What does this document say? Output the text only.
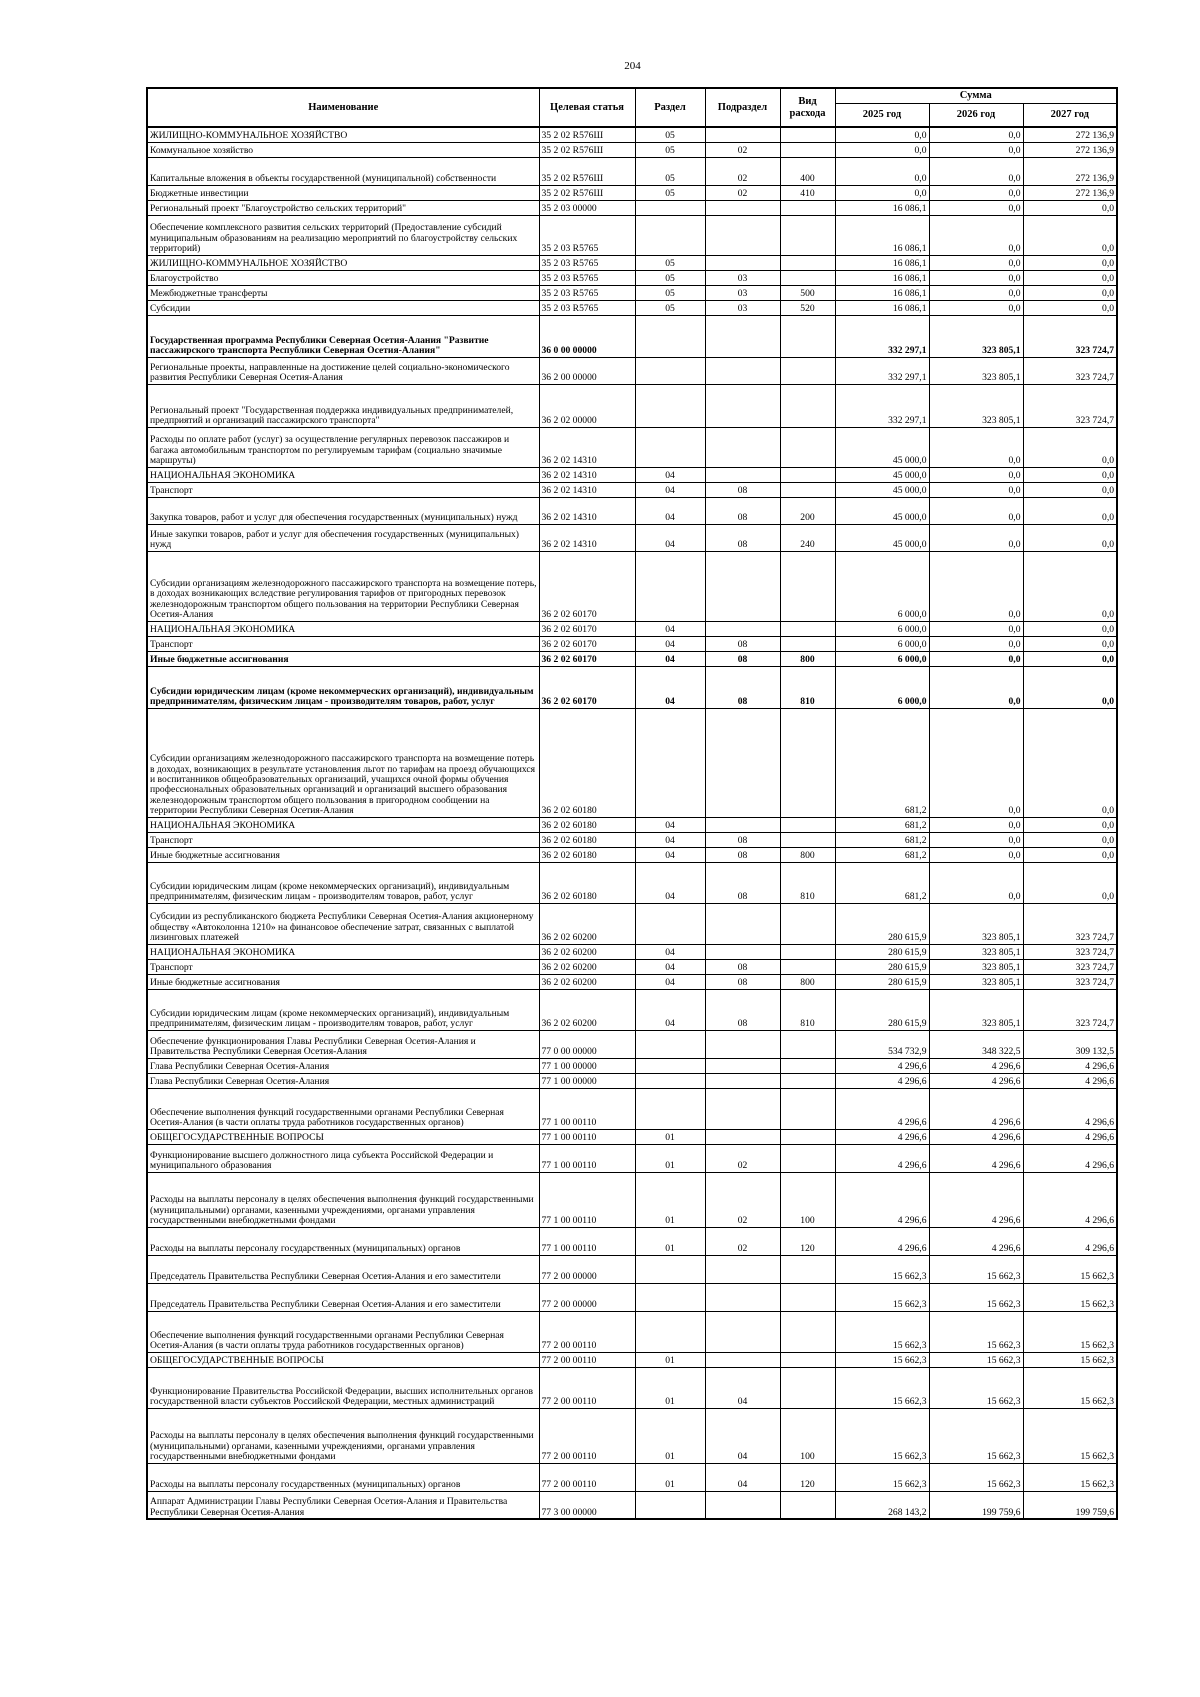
204
Наименование	Целевая статья	Раздел	Подраздел	Вид расхода	Сумма		
					2025 год	2026 год	2027 год
ЖИЛИЩНО-КОММУНАЛЬНОЕ ХОЗЯЙСТВО	35 2 02 R576Ш	05			0,0	0,0	272 136,9
Коммунальное хозяйство	35 2 02 R576Ш	05	02		0,0	0,0	272 136,9
Капитальные вложения в объекты государственной (муниципальной) собственности	35 2 02 R576Ш	05	02	400	0,0	0,0	272 136,9
Бюджетные инвестиции	35 2 02 R576Ш	05	02	410	0,0	0,0	272 136,9
Региональный проект "Благоустройство сельских территорий"	35 2 03 00000				16 086,1	0,0	0,0
Обеспечение комплексного развития сельских территорий (Предоставление субсидий муниципальным образованиям на реализацию мероприятий по благоустройству сельских территорий)	35 2 03 R5765				16 086,1	0,0	0,0
ЖИЛИЩНО-КОММУНАЛЬНОЕ ХОЗЯЙСТВО	35 2 03 R5765	05			16 086,1	0,0	0,0
Благоустройство	35 2 03 R5765	05	03		16 086,1	0,0	0,0
Межбюджетные трансферты	35 2 03 R5765	05	03	500	16 086,1	0,0	0,0
Субсидии	35 2 03 R5765	05	03	520	16 086,1	0,0	0,0
Государственная программа Республики Северная Осетия-Алания "Развитие пассажирского транспорта Республики Северная Осетия-Алания"	36 0 00 00000				332 297,1	323 805,1	323 724,7
Региональные проекты, направленные на достижение целей социально-экономического развития Республики Северная Осетия-Алания	36 2 00 00000				332 297,1	323 805,1	323 724,7
Региональный проект "Государственная поддержка индивидуальных предпринимателей, предприятий и организаций пассажирского транспорта"	36 2 02 00000				332 297,1	323 805,1	323 724,7
Расходы по оплате работ (услуг) за осуществление регулярных перевозок пассажиров и багажа автомобильным транспортом по регулируемым тарифам (социально значимые маршруты)	36 2 02 14310				45 000,0	0,0	0,0
НАЦИОНАЛЬНАЯ ЭКОНОМИКА	36 2 02 14310	04			45 000,0	0,0	0,0
Транспорт	36 2 02 14310	04	08		45 000,0	0,0	0,0
Закупка товаров, работ и услуг для обеспечения государственных (муниципальных) нужд	36 2 02 14310	04	08	200	45 000,0	0,0	0,0
Иные закупки товаров, работ и услуг для обеспечения государственных (муниципальных) нужд	36 2 02 14310	04	08	240	45 000,0	0,0	0,0
Субсидии организациям железнодорожного пассажирского транспорта на возмещение потерь, в доходах возникающих вследствие регулирования тарифов от пригородных перевозок железнодорожным транспортом общего пользования на территории Республики Северная Осетия-Алания	36 2 02 60170				6 000,0	0,0	0,0
НАЦИОНАЛЬНАЯ ЭКОНОМИКА	36 2 02 60170	04			6 000,0	0,0	0,0
Транспорт	36 2 02 60170	04	08		6 000,0	0,0	0,0
Иные бюджетные ассигнования	36 2 02 60170	04	08	800	6 000,0	0,0	0,0
Субсидии юридическим лицам (кроме некоммерческих организаций), индивидуальным предпринимателям, физическим лицам - производителям товаров, работ, услуг	36 2 02 60170	04	08	810	6 000,0	0,0	0,0
Субсидии организациям железнодорожного пассажирского транспорта на возмещение потерь в доходах, возникающих в результате установления льгот по тарифам на проезд обучающихся и воспитанников общеобразовательных организаций, учащихся очной формы обучения профессиональных образовательных организаций и организаций высшего образования железнодорожным транспортом общего пользования в пригородном сообщении на территории Республики Северная Осетия-Алания	36 2 02 60180				681,2	0,0	0,0
НАЦИОНАЛЬНАЯ ЭКОНОМИКА	36 2 02 60180	04			681,2	0,0	0,0
Транспорт	36 2 02 60180	04	08		681,2	0,0	0,0
Иные бюджетные ассигнования	36 2 02 60180	04	08	800	681,2	0,0	0,0
Субсидии юридическим лицам (кроме некоммерческих организаций), индивидуальным предпринимателям, физическим лицам - производителям товаров, работ, услуг	36 2 02 60180	04	08	810	681,2	0,0	0,0
Субсидии из республиканского бюджета Республики Северная Осетия-Алания акционерному обществу «Автоколонна 1210» на финансовое обеспечение затрат, связанных с выплатой лизинговых платежей	36 2 02 60200				280 615,9	323 805,1	323 724,7
НАЦИОНАЛЬНАЯ ЭКОНОМИКА	36 2 02 60200	04			280 615,9	323 805,1	323 724,7
Транспорт	36 2 02 60200	04	08		280 615,9	323 805,1	323 724,7
Иные бюджетные ассигнования	36 2 02 60200	04	08	800	280 615,9	323 805,1	323 724,7
Субсидии юридическим лицам (кроме некоммерческих организаций), индивидуальным предпринимателям, физическим лицам - производителям товаров, работ, услуг	36 2 02 60200	04	08	810	280 615,9	323 805,1	323 724,7
Обеспечение функционирования Главы Республики Северная Осетия-Алания и Правительства Республики Северная Осетия-Алания	77 0 00 00000				534 732,9	348 322,5	309 132,5
Глава Республики Северная Осетия-Алания	77 1 00 00000				4 296,6	4 296,6	4 296,6
Глава Республики Северная Осетия-Алания	77 1 00 00000				4 296,6	4 296,6	4 296,6
Обеспечение выполнения функций государственными органами Республики Северная Осетия-Алания (в части оплаты труда работников государственных органов)	77 1 00 00110				4 296,6	4 296,6	4 296,6
ОБЩЕГОСУДАРСТВЕННЫЕ ВОПРОСЫ	77 1 00 00110	01			4 296,6	4 296,6	4 296,6
Функционирование высшего должностного лица субъекта Российской Федерации и муниципального образования	77 1 00 00110	01	02		4 296,6	4 296,6	4 296,6
Расходы на выплаты персоналу в целях обеспечения выполнения функций государственными (муниципальными) органами, казенными учреждениями, органами управления государственными внебюджетными фондами	77 1 00 00110	01	02	100	4 296,6	4 296,6	4 296,6
Расходы на выплаты персоналу государственных (муниципальных) органов	77 1 00 00110	01	02	120	4 296,6	4 296,6	4 296,6
Председатель Правительства Республики Северная Осетия-Алания и его заместители	77 2 00 00000				15 662,3	15 662,3	15 662,3
Председатель Правительства Республики Северная Осетия-Алания и его заместители	77 2 00 00000				15 662,3	15 662,3	15 662,3
Обеспечение выполнения функций государственными органами Республики Северная Осетия-Алания (в части оплаты труда работников государственных органов)	77 2 00 00110				15 662,3	15 662,3	15 662,3
ОБЩЕГОСУДАРСТВЕННЫЕ ВОПРОСЫ	77 2 00 00110	01			15 662,3	15 662,3	15 662,3
Функционирование Правительства Российской Федерации, высших исполнительных органов государственной власти субъектов Российской Федерации, местных администраций	77 2 00 00110	01	04		15 662,3	15 662,3	15 662,3
Расходы на выплаты персоналу в целях обеспечения выполнения функций государственными (муниципальными) органами, казенными учреждениями, органами управления государственными внебюджетными фондами	77 2 00 00110	01	04	100	15 662,3	15 662,3	15 662,3
Расходы на выплаты персоналу государственных (муниципальных) органов	77 2 00 00110	01	04	120	15 662,3	15 662,3	15 662,3
Аппарат Администрации Главы Республики Северная Осетия-Алания и Правительства Республики Северная Осетия-Алания	77 3 00 00000				268 143,2	199 759,6	199 759,6
